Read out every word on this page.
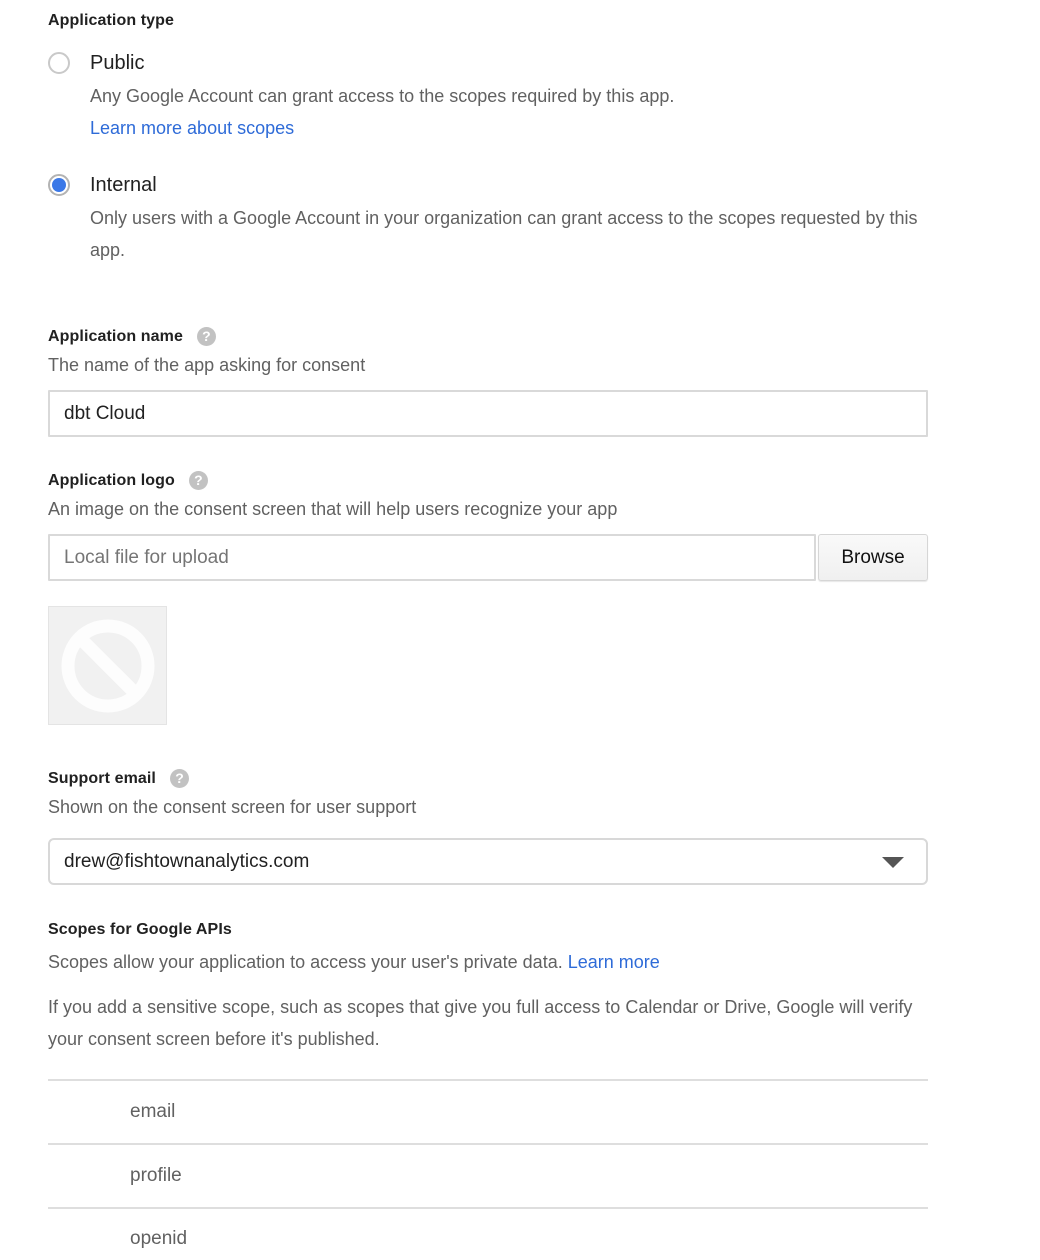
Application type
Public
Any Google Account can grant access to the scopes required by this app.
Learn more about scopes
Internal
Only users with a Google Account in your organization can grant access to the scopes requested by this app.
Application name	?
The name of the app asking for consent
dbt Cloud
Application logo	?
An image on the consent screen that will help users recognize your app
Local file for upload
Browse
Support email	?
Shown on the consent screen for user support
drew@fishtownanalytics.com
Scopes for Google APIs
Scopes allow your application to access your user's private data. Learn more
If you add a sensitive scope, such as scopes that give you full access to Calendar or Drive, Google will verify your consent screen before it's published.
email
profile
openid
